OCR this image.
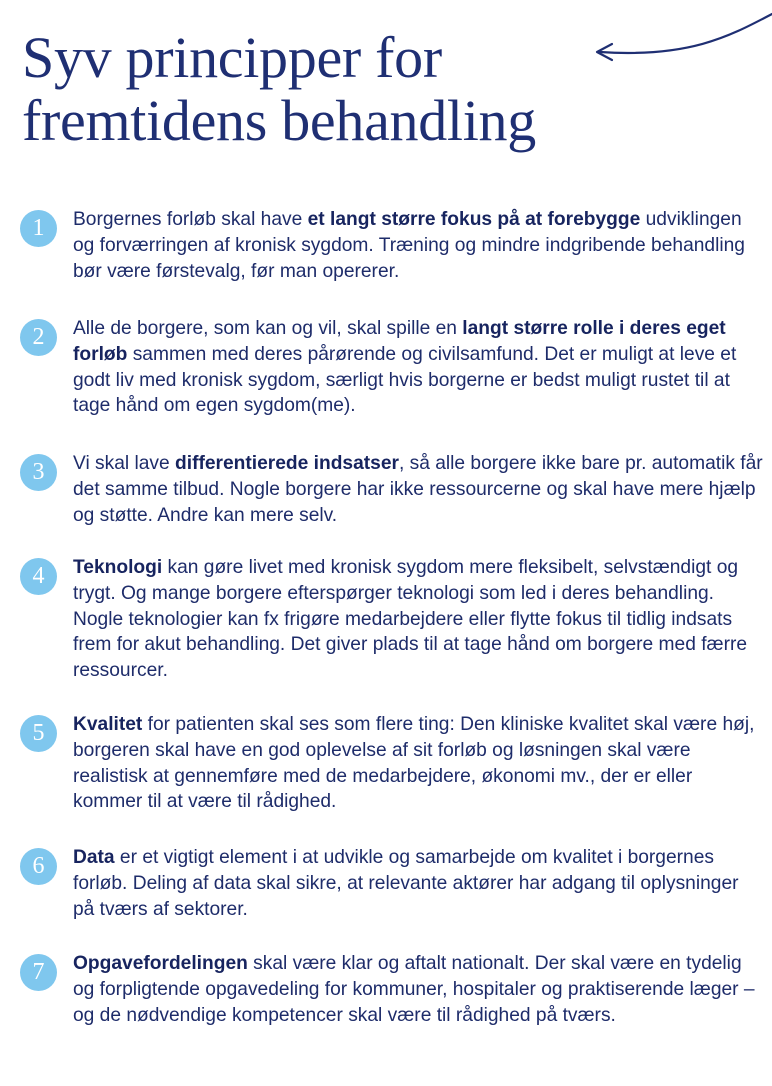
Syv principper for
fremtidens behandling
1	Borgernes forløb skal have et langt større fokus på at forebygge udviklingen og forværringen af kronisk sygdom. Træning og mindre indgribende behandling bør være førstevalg, før man opererer.
2	Alle de borgere, som kan og vil, skal spille en langt større rolle i deres eget forløb sammen med deres pårørende og civilsamfund. Det er muligt at leve et godt liv med kronisk sygdom, særligt hvis borgerne er bedst muligt rustet til at tage hånd om egen sygdom(me).
3	Vi skal lave differentierede indsatser, så alle borgere ikke bare pr. automatik får det samme tilbud. Nogle borgere har ikke ressourcerne og skal have mere hjælp og støtte. Andre kan mere selv.
4	Teknologi kan gøre livet med kronisk sygdom mere fleksibelt, selvstændigt og trygt. Og mange borgere efterspørger teknologi som led i deres behandling. Nogle teknologier kan fx frigøre medarbejdere eller flytte fokus til tidlig indsats frem for akut behandling. Det giver plads til at tage hånd om borgere med færre ressourcer.
5	Kvalitet for patienten skal ses som flere ting: Den kliniske kvalitet skal være høj, borgeren skal have en god oplevelse af sit forløb og løsningen skal være realistisk at gennemføre med de medarbejdere, økonomi mv., der er eller kommer til at være til rådighed.
6	Data er et vigtigt element i at udvikle og samarbejde om kvalitet i borgernes forløb. Deling af data skal sikre, at relevante aktører har adgang til oplysninger på tværs af sektorer.
7	Opgavefordelingen skal være klar og aftalt nationalt. Der skal være en tydelig og forpligtende opgavedeling for kommuner, hospitaler og praktiserende læger – og de nødvendige kompetencer skal være til rådighed på tværs.
